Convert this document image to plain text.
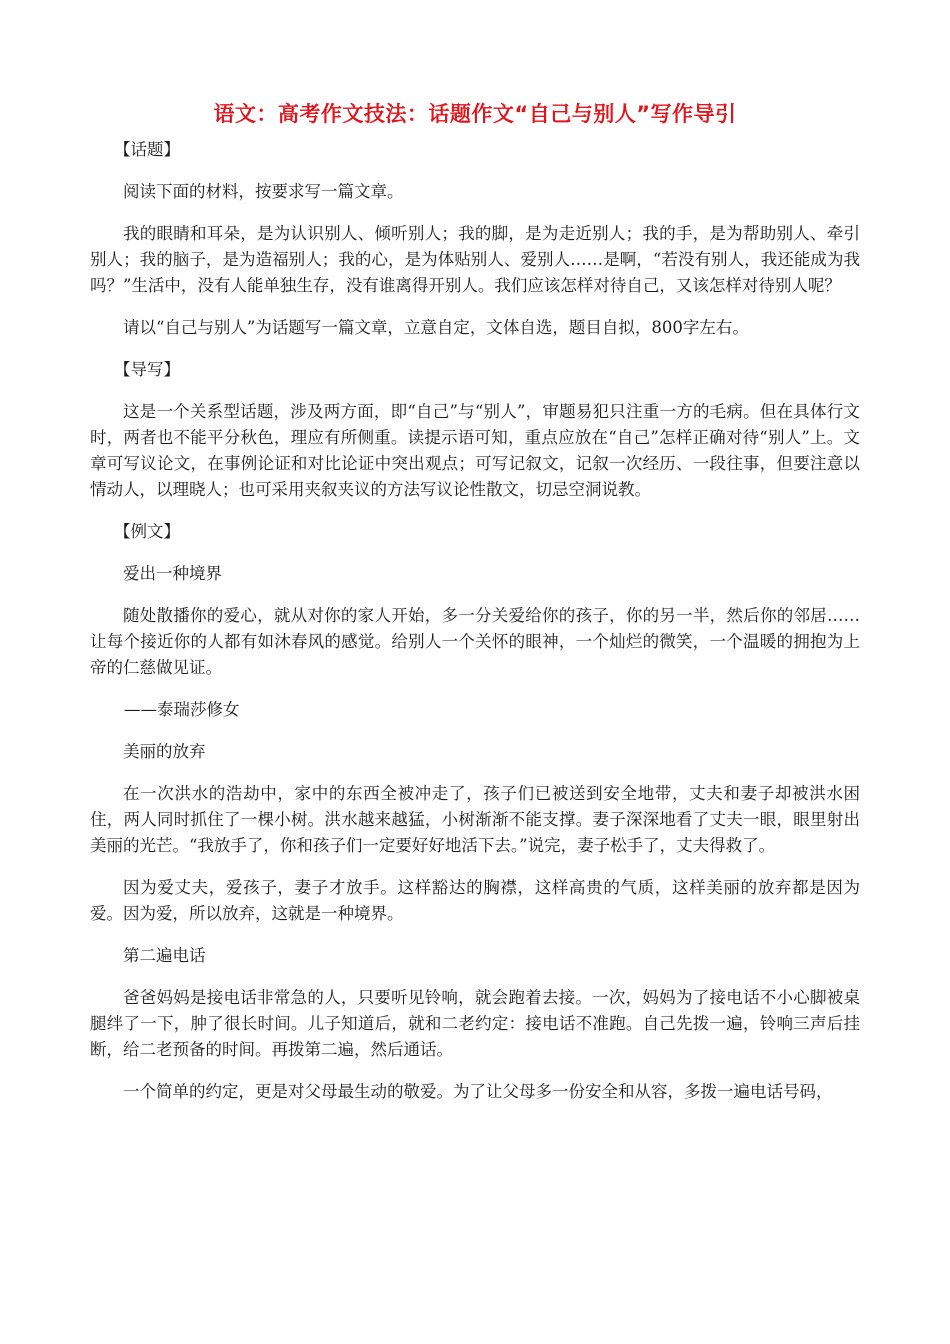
语文：高考作文技法：话题作文“自己与别人”写作导引

【话题】

阅读下面的材料，按要求写一篇文章。

我的眼睛和耳朵，是为认识别人、倾听别人；我的脚，是为走近别人；我的手，是为帮助别人、牵引别人；我的脑子，是为造福别人；我的心，是为体贴别人、爱别人……是啊，“若没有别人，我还能成为我吗？”生活中，没有人能单独生存，没有谁离得开别人。我们应该怎样对待自己，又该怎样对待别人呢？

请以“自己与别人”为话题写一篇文章，立意自定，文体自选，题目自拟，800字左右。

【导写】

这是一个关系型话题，涉及两方面，即“自己”与“别人”，审题易犯只注重一方的毛病。但在具体行文时，两者也不能平分秋色，理应有所侧重。读提示语可知，重点应放在“自己”怎样正确对待“别人”上。文章可写议论文，在事例论证和对比论证中突出观点；可写记叙文，记叙一次经历、一段往事，但要注意以情动人，以理晓人；也可采用夹叙夹议的方法写议论性散文，切忌空洞说教。

【例文】

爱出一种境界

随处散播你的爱心，就从对你的家人开始，多一分关爱给你的孩子，你的另一半，然后你的邻居……让每个接近你的人都有如沐春风的感觉。给别人一个关怀的眼神，一个灿烂的微笑，一个温暖的拥抱为上帝的仁慈做见证。

——泰瑞莎修女

美丽的放弃

在一次洪水的浩劫中，家中的东西全被冲走了，孩子们已被送到安全地带，丈夫和妻子却被洪水困住，两人同时抓住了一棵小树。洪水越来越猛，小树渐渐不能支撑。妻子深深地看了丈夫一眼，眼里射出美丽的光芒。“我放手了，你和孩子们一定要好好地活下去。”说完，妻子松手了，丈夫得救了。

因为爱丈夫，爱孩子，妻子才放手。这样豁达的胸襟，这样高贵的气质，这样美丽的放弃都是因为爱。因为爱，所以放弃，这就是一种境界。

第二遍电话

爸爸妈妈是接电话非常急的人，只要听见铃响，就会跑着去接。一次，妈妈为了接电话不小心脚被桌腿绊了一下，肿了很长时间。儿子知道后，就和二老约定：接电话不准跑。自己先拨一遍，铃响三声后挂断，给二老预备的时间。再拨第二遍，然后通话。

一个简单的约定，更是对父母最生动的敬爱。为了让父母多一份安全和从容，多拨一遍电话号码，
